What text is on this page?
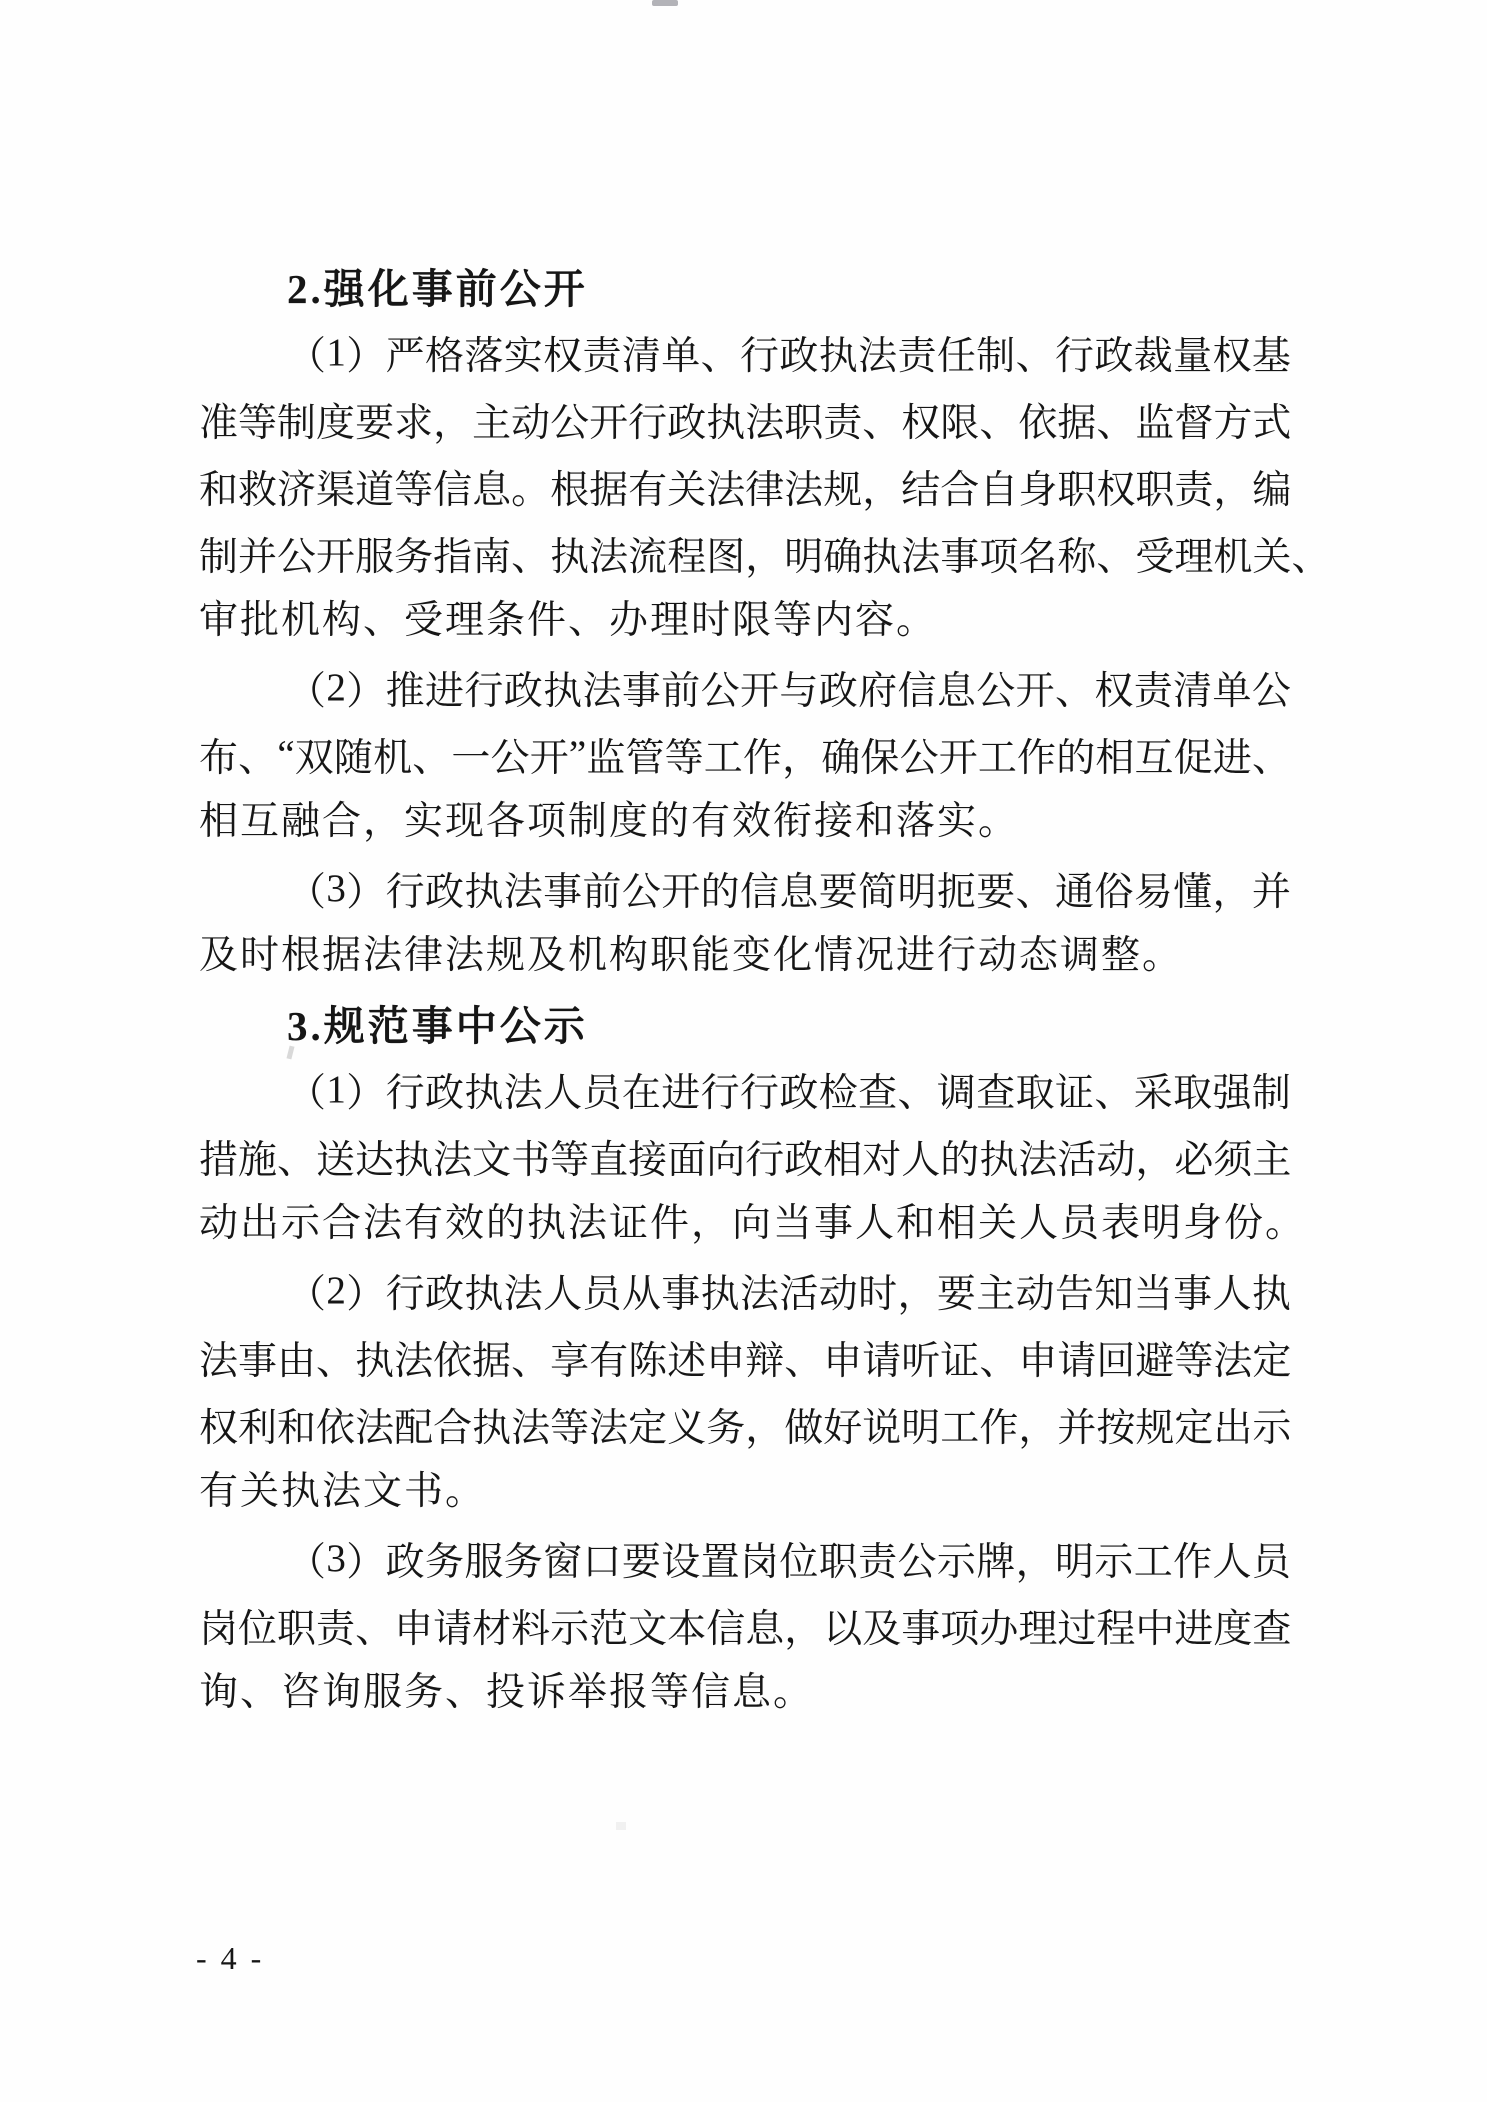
2.强化事前公开
（ 1 ） 严 格 落 实 权 责 清 单 、 行 政 执 法 责 任 制 、 行 政 裁 量 权 基
准 等 制 度 要 求 ， 主 动 公 开 行 政 执 法 职 责 、 权 限 、 依 据 、 监 督 方 式
和 救 济 渠 道 等 信 息 。 根 据 有 关 法 律 法 规 ， 结 合 自 身 职 权 职 责 ， 编
制 并 公 开 服 务 指 南 、 执 法 流 程 图 ， 明 确 执 法 事 项 名 称 、 受 理 机 关 、
审批机构、受理条件、办理时限等内容。
（ 2 ） 推 进 行 政 执 法 事 前 公 开 与 政 府 信 息 公 开 、 权 责 清 单 公
布 、 “ 双 随 机 、 一 公 开 ” 监 管 等 工 作 ， 确 保 公 开 工 作 的 相 互 促 进 、
相互融合，实现各项制度的有效衔接和落实。
（ 3 ） 行 政 执 法 事 前 公 开 的 信 息 要 简 明 扼 要 、 通 俗 易 懂 ， 并
及时根据法律法规及机构职能变化情况进行动态调整。
3.规范事中公示
（ 1 ） 行 政 执 法 人 员 在 进 行 行 政 检 查 、 调 查 取 证 、 采 取 强 制
措 施 、 送 达 执 法 文 书 等 直 接 面 向 行 政 相 对 人 的 执 法 活 动 ， 必 须 主
动出示合法有效的执法证件，向当事人和相关人员表明身份。
（ 2 ） 行 政 执 法 人 员 从 事 执 法 活 动 时 ， 要 主 动 告 知 当 事 人 执
法 事 由 、 执 法 依 据 、 享 有 陈 述 申 辩 、 申 请 听 证 、 申 请 回 避 等 法 定
权 利 和 依 法 配 合 执 法 等 法 定 义 务 ， 做 好 说 明 工 作 ， 并 按 规 定 出 示
有关执法文书。
（ 3 ） 政 务 服 务 窗 口 要 设 置 岗 位 职 责 公 示 牌 ， 明 示 工 作 人 员
岗 位 职 责 、 申 请 材 料 示 范 文 本 信 息 ， 以 及 事 项 办 理 过 程 中 进 度 查
询、咨询服务、投诉举报等信息。
- 4 -
